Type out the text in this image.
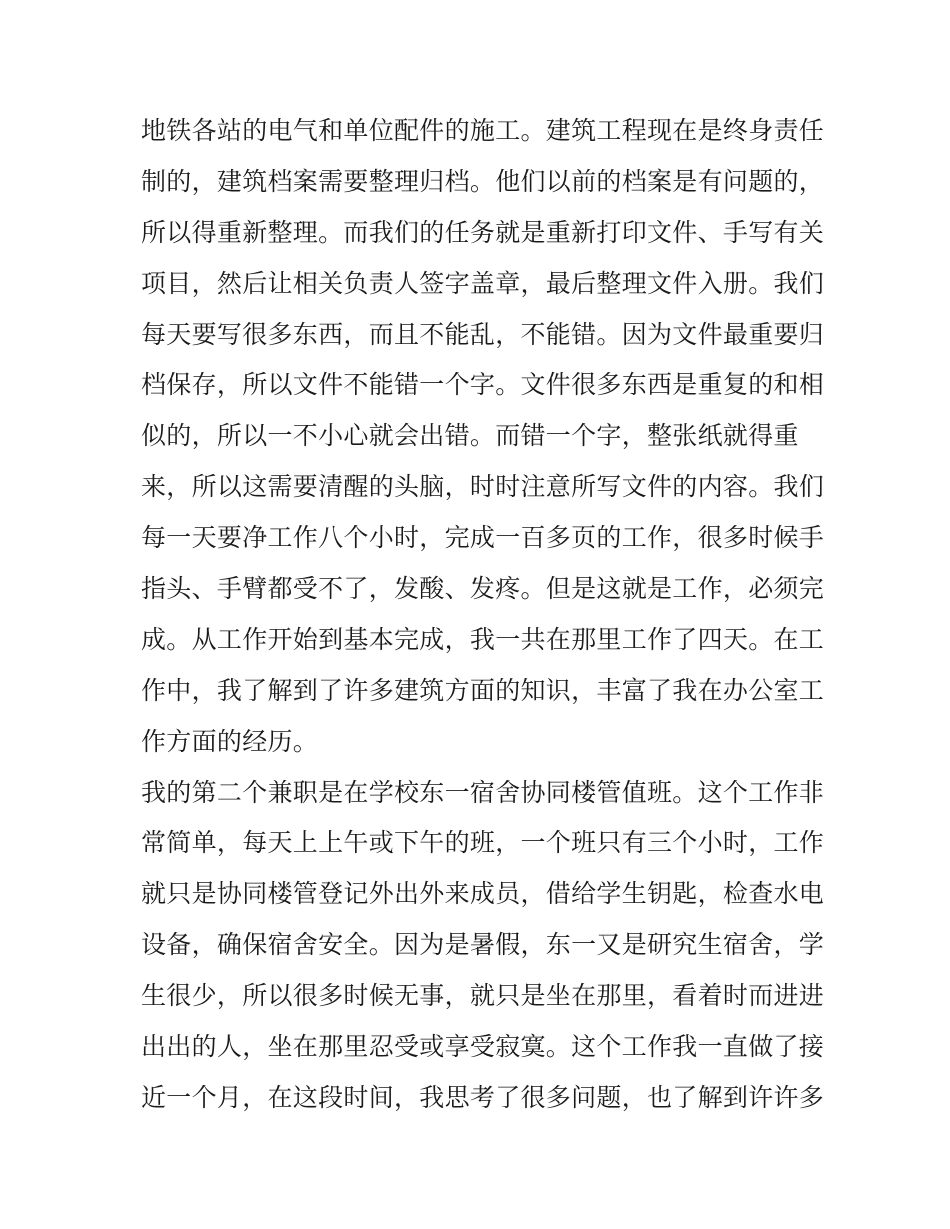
地铁各站的电气和单位配件的施工。建筑工程现在是终身责任
制的，建筑档案需要整理归档。他们以前的档案是有问题的，
所以得重新整理。而我们的任务就是重新打印文件、手写有关
项目，然后让相关负责人签字盖章，最后整理文件入册。我们
每天要写很多东西，而且不能乱，不能错。因为文件最重要归
档保存，所以文件不能错一个字。文件很多东西是重复的和相
似的，所以一不小心就会出错。而错一个字，整张纸就得重
来，所以这需要清醒的头脑，时时注意所写文件的内容。我们
每一天要净工作八个小时，完成一百多页的工作，很多时候手
指头、手臂都受不了，发酸、发疼。但是这就是工作，必须完
成。从工作开始到基本完成，我一共在那里工作了四天。在工
作中，我了解到了许多建筑方面的知识，丰富了我在办公室工
作方面的经历。
我的第二个兼职是在学校东一宿舍协同楼管值班。这个工作非
常简单，每天上上午或下午的班，一个班只有三个小时，工作
就只是协同楼管登记外出外来成员，借给学生钥匙，检查水电
设备，确保宿舍安全。因为是暑假，东一又是研究生宿舍，学
生很少，所以很多时候无事，就只是坐在那里，看着时而进进
出出的人，坐在那里忍受或享受寂寞。这个工作我一直做了接
近一个月，在这段时间，我思考了很多问题，也了解到许许多
